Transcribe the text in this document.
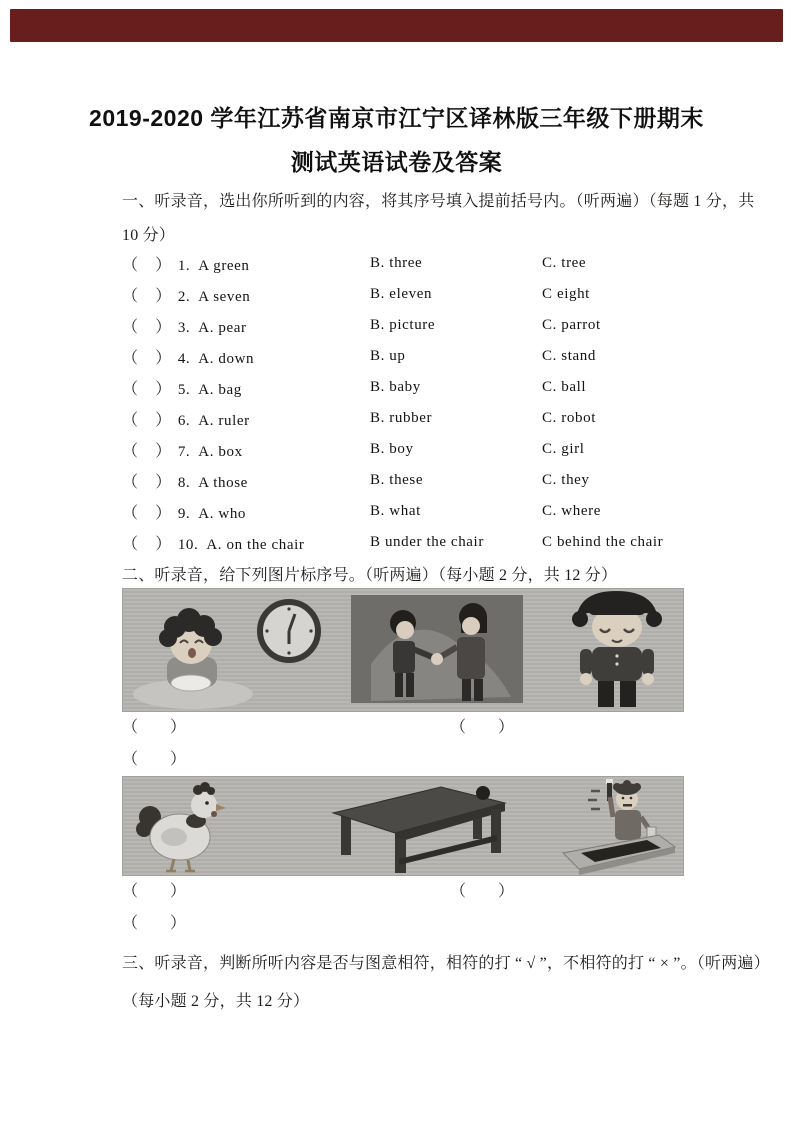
2019-2020 学年江苏省南京市江宁区译林版三年级下册期末
测试英语试卷及答案
一、听录音，选出你所听到的内容，将其序号填入提前括号内。（听两遍）（每题 1 分，共
10 分）
（　） 1. A green	B. three	C. tree
（　） 2. A seven	B. eleven	C eight
（　） 3. A. pear	B. picture	C. parrot
（　） 4. A. down	B. up	C. stand
（　） 5. A. bag	B. baby	C. ball
（　） 6. A. ruler	B. rubber	C. robot
（　） 7. A. box	B. boy	C. girl
（　） 8. A those	B. these	C. they
（　） 9. A. who	B. what	C. where
（　） 10. A. on the chair	B under the chair	C behind the chair
二、听录音，给下列图片标序号。（听两遍）（每小题 2 分，共 12 分）
（　　）	（　　）
（　　）
（　　）	（　　）
（　　）
三、听录音，判断所听内容是否与图意相符，相符的打 “ √ ”，不相符的打 “ × ”。（听两遍）
（每小题 2 分，共 12 分）
